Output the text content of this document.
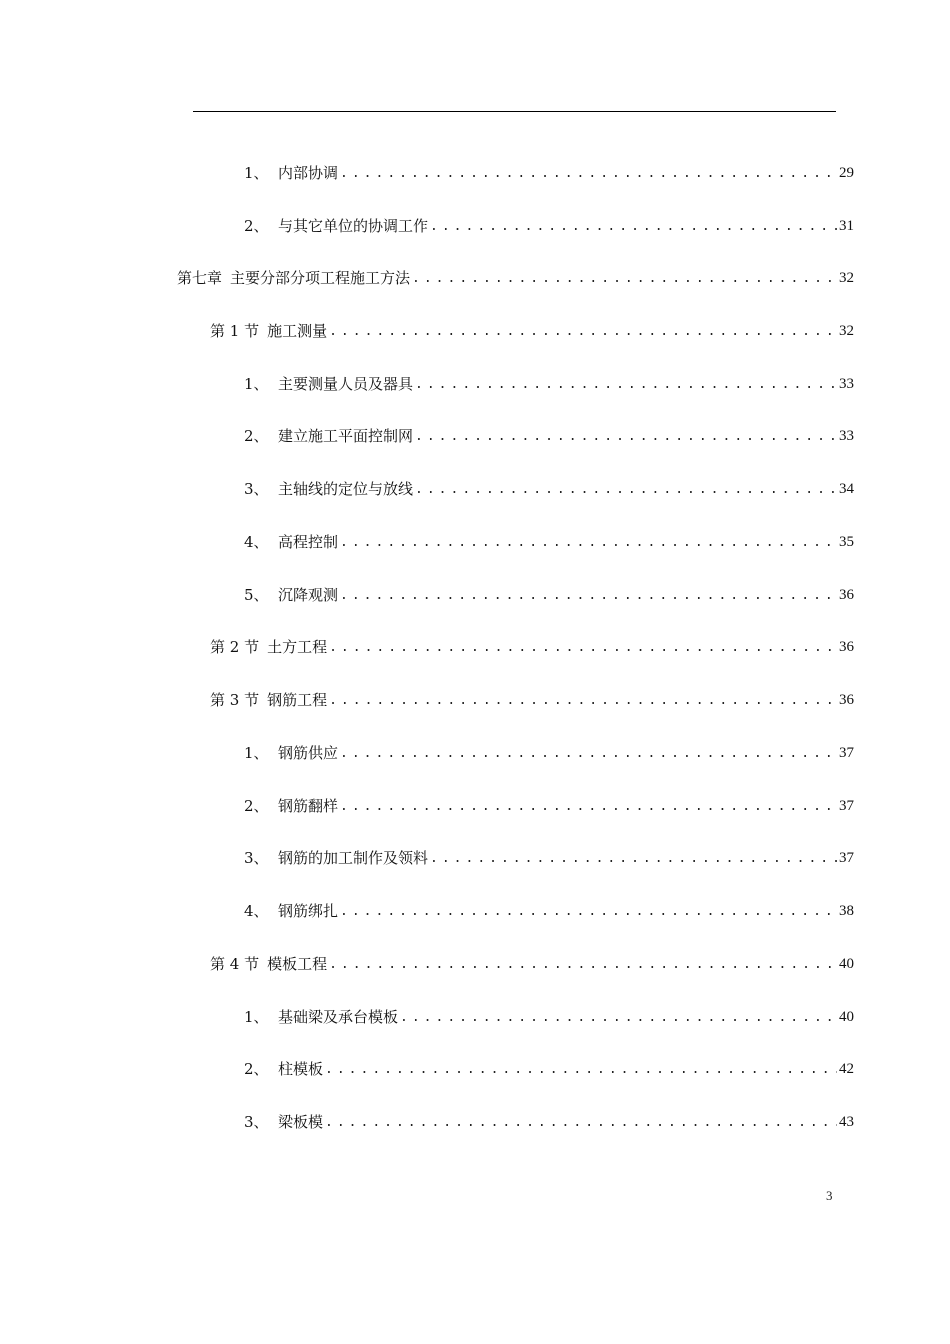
1、 内部协调 .....	29
2、 与其它单位的协调工作 .....	31
第七章 主要分部分项工程施工方法 .....	32
第 1 节 施工测量 .....	32
1、 主要测量人员及器具 .....	33
2、 建立施工平面控制网 .....	33
3、 主轴线的定位与放线 .....	34
4、 高程控制 .....	35
5、 沉降观测 .....	36
第 2 节 土方工程 .....	36
第 3 节 钢筋工程 .....	36
1、 钢筋供应 .....	37
2、 钢筋翻样 .....	37
3、 钢筋的加工制作及领料 .....	37
4、 钢筋绑扎 .....	38
第 4 节 模板工程 .....	40
1、 基础梁及承台模板 .....	40
2、 柱模板 .....	42
3、 梁板模 .....	43
3
